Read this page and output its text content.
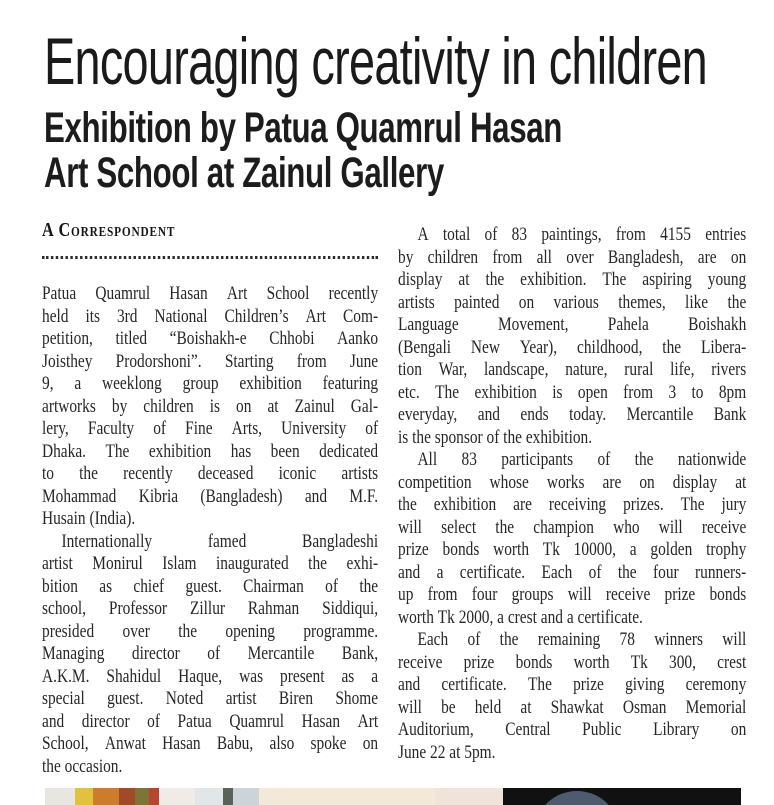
Encouraging creativity in children
Exhibition by Patua Quamrul Hasan
Art School at Zainul Gallery
A Correspondent
Patua Quamrul Hasan Art School recently
held its 3rd National Children’s Art Com-
petition, titled “Boishakh-e Chhobi Aanko
Joisthey Prodorshoni”. Starting from June
9, a weeklong group exhibition featuring
artworks by children is on at Zainul Gal-
lery, Faculty of Fine Arts, University of
Dhaka. The exhibition has been dedicated
to the recently deceased iconic artists
Mohammad Kibria (Bangladesh) and M.F.
Husain (India).
Internationally	famed	Bangladeshi
artist Monirul Islam inaugurated the exhi-
bition as chief guest. Chairman of the
school, Professor Zillur Rahman Siddiqui,
presided over the opening programme.
Managing director of Mercantile Bank,
A.K.M. Shahidul Haque, was present as a
special guest. Noted artist Biren Shome
and director of Patua Quamrul Hasan Art
School, Anwat Hasan Babu, also spoke on
the occasion.
A total of 83 paintings, from 4155 entries
by children from all over Bangladesh, are on
display at the exhibition. The aspiring young
artists painted on various themes, like the
Language Movement, Pahela Boishakh
(Bengali New Year), childhood, the Libera-
tion War, landscape, nature, rural life, rivers
etc. The exhibition is open from 3 to 8pm
everyday, and ends today. Mercantile Bank
is the sponsor of the exhibition.
All 83 participants of the nationwide
competition whose works are on display at
the exhibition are receiving prizes. The jury
will select the champion who will receive
prize bonds worth Tk 10000, a golden trophy
and a certificate. Each of the four runners-
up from four groups will receive prize bonds
worth Tk 2000, a crest and a certificate.
Each of the remaining 78 winners will
receive prize bonds worth Tk 300, crest
and certificate. The prize giving ceremony
will be held at Shawkat Osman Memorial
Auditorium, Central Public Library on
June 22 at 5pm.
